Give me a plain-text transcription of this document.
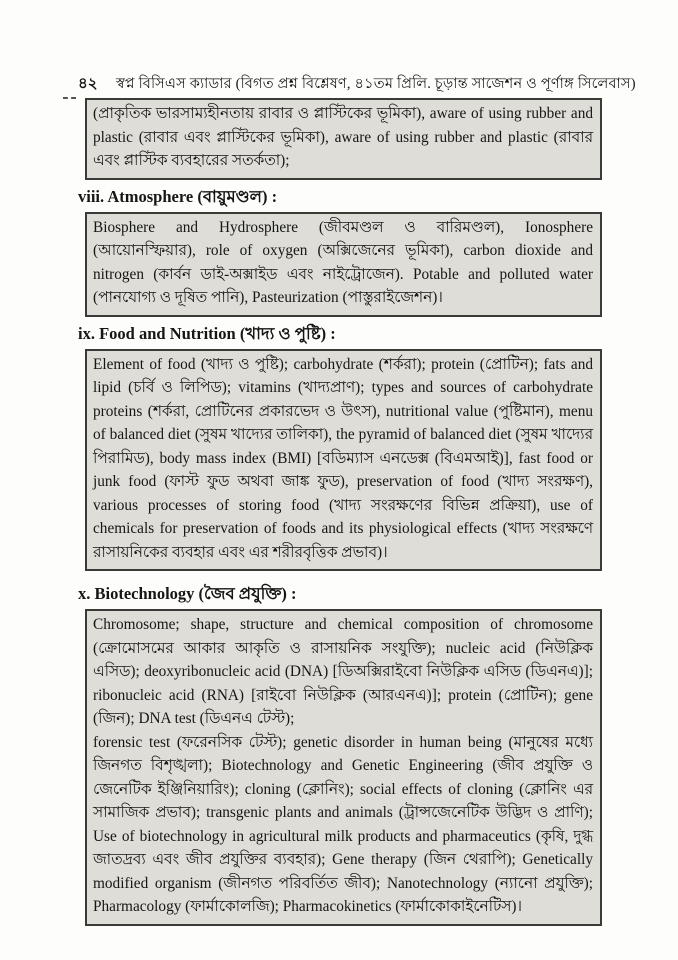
৪২	স্বপ্ন বিসিএস ক্যাডার (বিগত প্রশ্ন বিশ্লেষণ, ৪১তম প্রিলি. চূড়ান্ত সাজেশন ও পূর্ণাঙ্গ সিলেবাস)

(প্রাকৃতিক ভারসাম্যহীনতায় রাবার ও প্লাস্টিকের ভূমিকা), aware of using rubber and plastic (রাবার এবং প্লাস্টিকের ভূমিকা), aware of using rubber and plastic (রাবার এবং প্লাস্টিক ব্যবহারের সতর্কতা);

viii. Atmosphere (বায়ুমণ্ডল) :

Biosphere and Hydrosphere (জীবমণ্ডল ও বারিমণ্ডল), Ionosphere (আয়োনস্ফিয়ার), role of oxygen (অক্সিজেনের ভূমিকা), carbon dioxide and nitrogen (কার্বন ডাই-অক্সাইড এবং নাইট্রোজেন). Potable and polluted water (পানযোগ্য ও দূষিত পানি), Pasteurization (পাস্তুরাইজেশন)।

ix. Food and Nutrition (খাদ্য ও পুষ্টি) :

Element of food (খাদ্য ও পুষ্টি); carbohydrate (শর্করা); protein (প্রোটিন); fats and lipid (চর্বি ও লিপিড); vitamins (খাদ্যপ্রাণ); types and sources of carbohydrate proteins (শর্করা, প্রোটিনের প্রকারভেদ ও উৎস), nutritional value (পুষ্টিমান), menu of balanced diet (সুষম খাদ্যের তালিকা), the pyramid of balanced diet (সুষম খাদ্যের পিরামিড), body mass index (BMI) [বডিম্যাস এনডেক্স (বিএমআই)], fast food or junk food (ফাস্ট ফুড অথবা জাঙ্ক ফুড), preservation of food (খাদ্য সংরক্ষণ), various processes of storing food (খাদ্য সংরক্ষণের বিভিন্ন প্রক্রিয়া), use of chemicals for preservation of foods and its physiological effects (খাদ্য সংরক্ষণে রাসায়নিকের ব্যবহার এবং এর শরীরবৃত্তিক প্রভাব)।

x. Biotechnology (জৈব প্রযুক্তি) :

Chromosome; shape, structure and chemical composition of chromosome (ক্রোমোসমের আকার আকৃতি ও রাসায়নিক সংযুক্তি); nucleic acid (নিউক্লিক এসিড); deoxyribonucleic acid (DNA) [ডিঅক্সিরাইবো নিউক্লিক এসিড (ডিএনএ)]; ribonucleic acid (RNA) [রাইবো নিউক্লিক (আরএনএ)]; protein (প্রোটিন); gene (জিন); DNA test (ডিএনএ টেস্ট);

forensic test (ফরেনসিক টেস্ট); genetic disorder in human being (মানুষের মধ্যে জিনগত বিশৃঙ্খলা); Biotechnology and Genetic Engineering (জীব প্রযুক্তি ও জেনেটিক ইঞ্জিনিয়ারিং); cloning (ক্লোনিং); social effects of cloning (ক্লোনিং এর সামাজিক প্রভাব); transgenic plants and animals (ট্রান্সজেনেটিক উদ্ভিদ ও প্রাণি); Use of biotechnology in agricultural milk products and pharmaceutics (কৃষি, দুগ্ধ জাতদ্রব্য এবং জীব প্রযুক্তির ব্যবহার); Gene therapy (জিন থেরাপি); Genetically modified organism (জীনগত পরিবর্তিত জীব); Nanotechnology (ন্যানো প্রযুক্তি); Pharmacology (ফার্মাকোলজি); Pharmacokinetics (ফার্মাকোকাইনেটিস)।
